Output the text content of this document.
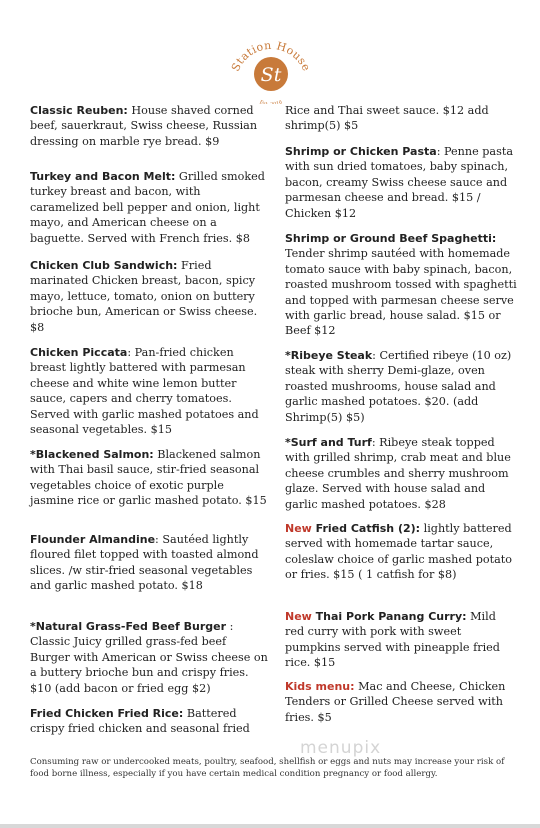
St
Station House
Es 16
Classic Reuben: House shaved corned beef, sauerkraut, Swiss cheese, Russian dressing on marble rye bread. $9
Turkey and Bacon Melt: Grilled smoked turkey breast and bacon, with caramelized bell pepper and onion, light mayo, and American cheese on a baguette. Served with French fries. $8
Chicken Club Sandwich: Fried marinated Chicken breast, bacon, spicy mayo, lettuce, tomato, onion on buttery brioche bun, American or Swiss cheese. $8
Chicken Piccata: Pan-fried chicken breast lightly battered with parmesan cheese and white wine lemon butter sauce, capers and cherry tomatoes. Served with garlic mashed potatoes and seasonal vegetables. $15
*Blackened Salmon: Blackened salmon with Thai basil sauce, stir-fried seasonal vegetables choice of exotic purple jasmine rice or garlic mashed potato. $15
Flounder Almandine: Sautéed lightly floured filet topped with toasted almond slices. /w stir-fried seasonal vegetables and garlic mashed potato. $18
*Natural Grass-Fed Beef Burger : Classic Juicy grilled grass-fed beef Burger with American or Swiss cheese on a buttery brioche bun and crispy fries. $10 (add bacon or fried egg $2)
Fried Chicken Fried Rice: Battered crispy fried chicken and seasonal fried
Rice and Thai sweet sauce. $12 add shrimp(5) $5
Shrimp or Chicken Pasta: Penne pasta with sun dried tomatoes, baby spinach, bacon, creamy Swiss cheese sauce and parmesan cheese and bread. $15 / Chicken $12
Shrimp or Ground Beef Spaghetti: Tender shrimp sautéed with homemade tomato sauce with baby spinach, bacon, roasted mushroom tossed with spaghetti and topped with parmesan cheese serve with garlic bread, house salad. $15 or Beef $12
*Ribeye Steak: Certified ribeye (10 oz) steak with sherry Demi-glaze, oven roasted mushrooms, house salad and garlic mashed potatoes. $20. (add Shrimp(5) $5)
*Surf and Turf: Ribeye steak topped with grilled shrimp, crab meat and blue cheese crumbles and sherry mushroom glaze. Served with house salad and garlic mashed potatoes. $28
New Fried Catfish (2): lightly battered served with homemade tartar sauce, coleslaw choice of garlic mashed potato or fries. $15 ( 1 catfish for $8)
New Thai Pork Panang Curry: Mild red curry with pork with sweet pumpkins served with pineapple fried rice. $15
Kids menu: Mac and Cheese, Chicken Tenders or Grilled Cheese served with fries. $5
menupix
Consuming raw or undercooked meats, poultry, seafood, shellfish or eggs and nuts may increase your risk of food borne illness, especially if you have certain medical condition pregnancy or food allergy.
